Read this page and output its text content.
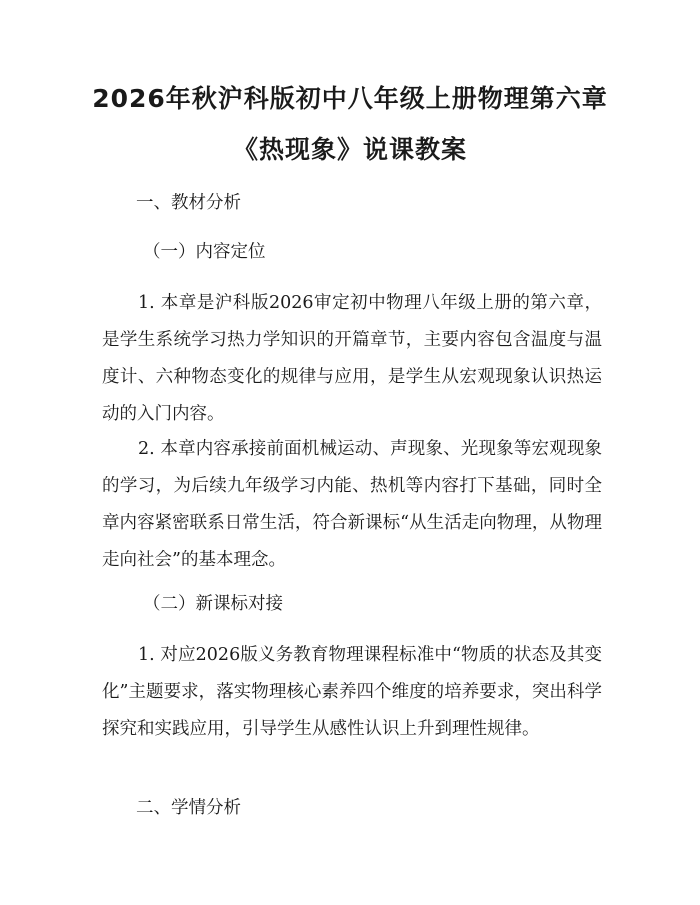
2026年秋沪科版初中八年级上册物理第六章
《热现象》说课教案
一、教材分析
（一）内容定位

1. 本章是沪科版2026审定初中物理八年级上册的第六章，是学生系统学习热力学知识的开篇章节，主要内容包含温度与温度计、六种物态变化的规律与应用，是学生从宏观现象认识热运动的入门内容。

2. 本章内容承接前面机械运动、声现象、光现象等宏观现象的学习，为后续九年级学习内能、热机等内容打下基础，同时全章内容紧密联系日常生活，符合新课标“从生活走向物理，从物理走向社会”的基本理念。

（二）新课标对接

1. 对应2026版义务教育物理课程标准中“物质的状态及其变化”主题要求，落实物理核心素养四个维度的培养要求，突出科学探究和实践应用，引导学生从感性认识上升到理性规律。

二、学情分析
